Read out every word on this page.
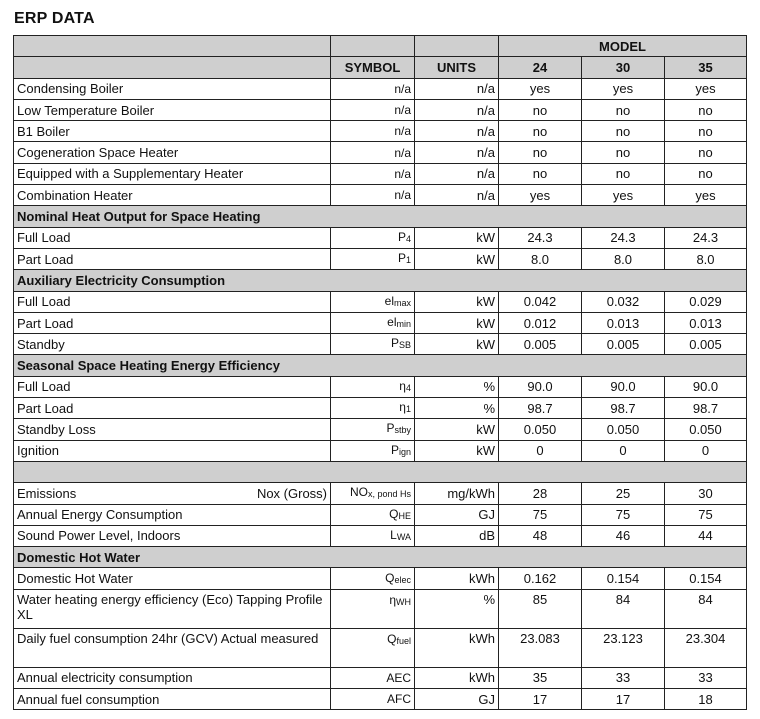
ERP DATA
			MODEL		
	SYMBOL	UNITS	24	30	35
Condensing Boiler	n/a	n/a	yes	yes	yes
Low Temperature Boiler	n/a	n/a	no	no	no
B1 Boiler	n/a	n/a	no	no	no
Cogeneration Space Heater	n/a	n/a	no	no	no
Equipped with a Supplementary Heater	n/a	n/a	no	no	no
Combination Heater	n/a	n/a	yes	yes	yes
Nominal Heat Output for Space Heating					
Full Load	P4	kW	24.3	24.3	24.3
Part Load	P1	kW	8.0	8.0	8.0
Auxiliary Electricity Consumption					
Full Load	elmax	kW	0.042	0.032	0.029
Part Load	elmin	kW	0.012	0.013	0.013
Standby	PSB	kW	0.005	0.005	0.005
Seasonal Space Heating Energy Efficiency					
Full Load	η4	%	90.0	90.0	90.0
Part Load	η1	%	98.7	98.7	98.7
Standby Loss	Pstby	kW	0.050	0.050	0.050
Ignition	Pign	kW	0	0	0

Emissions Nox (Gross)	NOx, pond Hs	mg/kWh	28	25	30
Annual Energy Consumption	QHE	GJ	75	75	75
Sound Power Level, Indoors	LWA	dB	48	46	44
Domestic Hot Water					
Domestic Hot Water	Qelec	kWh	0.162	0.154	0.154
Water heating energy efficiency (Eco) Tapping Profile XL	ηWH	%	85	84	84
Daily fuel consumption 24hr (GCV) Actual measured	Qfuel	kWh	23.083	23.123	23.304
Annual electricity consumption	AEC	kWh	35	33	33
Annual fuel consumption	AFC	GJ	17	17	18
